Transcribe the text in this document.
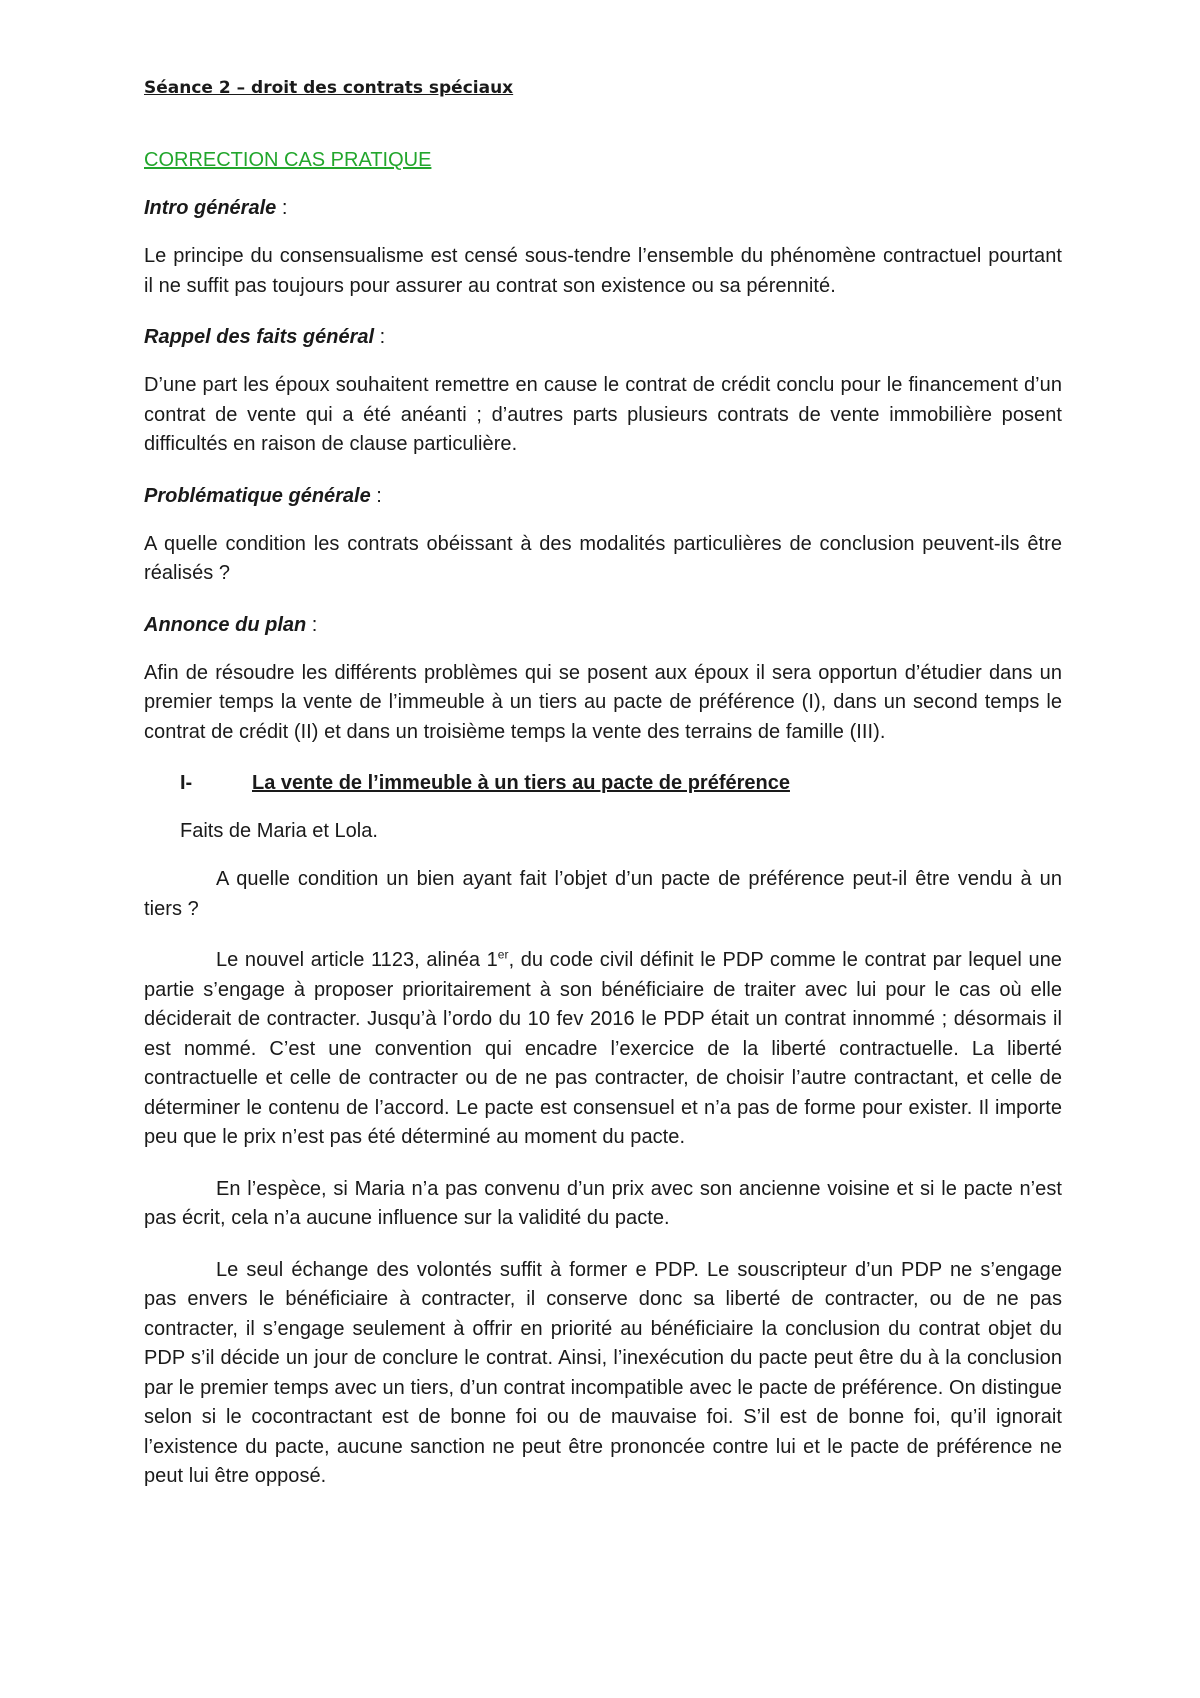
Séance 2 – droit des contrats spéciaux
CORRECTION CAS PRATIQUE
Intro générale :

Le principe du consensualisme est censé sous-tendre l’ensemble du phénomène contractuel pourtant il ne suffit pas toujours pour assurer au contrat son existence ou sa pérennité.

Rappel des faits général :

D’une part les époux souhaitent remettre en cause le contrat de crédit conclu pour le financement d’un contrat de vente qui a été anéanti ; d’autres parts plusieurs contrats de vente immobilière posent difficultés en raison de clause particulière.

Problématique générale :

A quelle condition les contrats obéissant à des modalités particulières de conclusion peuvent-ils être réalisés ?

Annonce du plan :

Afin de résoudre les différents problèmes qui se posent aux époux il sera opportun d’étudier dans un premier temps la vente de l’immeuble à un tiers au pacte de préférence (I), dans un second temps le contrat de crédit (II) et dans un troisième temps la vente des terrains de famille (III).

I-	La vente de l’immeuble à un tiers au pacte de préférence
Faits de Maria et Lola.

A quelle condition un bien ayant fait l’objet d’un pacte de préférence peut-il être vendu à un tiers ?

Le nouvel article 1123, alinéa 1er, du code civil définit le PDP comme le contrat par lequel une partie s’engage à proposer prioritairement à son bénéficiaire de traiter avec lui pour le cas où elle déciderait de contracter. Jusqu’à l’ordo du 10 fev 2016 le PDP était un contrat innommé ; désormais il est nommé. C’est une convention qui encadre l’exercice de la liberté contractuelle. La liberté contractuelle et celle de contracter ou de ne pas contracter, de choisir l’autre contractant, et celle de déterminer le contenu de l’accord. Le pacte est consensuel et n’a pas de forme pour exister. Il importe peu que le prix n’est pas été déterminé au moment du pacte.

En l’espèce, si Maria n’a pas convenu d’un prix avec son ancienne voisine et si le pacte n’est pas écrit, cela n’a aucune influence sur la validité du pacte.

Le seul échange des volontés suffit à former e PDP. Le souscripteur d’un PDP ne s’engage pas envers le bénéficiaire à contracter, il conserve donc sa liberté de contracter, ou de ne pas contracter, il s’engage seulement à offrir en priorité au bénéficiaire la conclusion du contrat objet du PDP s’il décide un jour de conclure le contrat. Ainsi, l’inexécution du pacte peut être du à la conclusion par le premier temps avec un tiers, d’un contrat incompatible avec le pacte de préférence. On distingue selon si le cocontractant est de bonne foi ou de mauvaise foi. S’il est de bonne foi, qu’il ignorait l’existence du pacte, aucune sanction ne peut être prononcée contre lui et le pacte de préférence ne peut lui être opposé.
